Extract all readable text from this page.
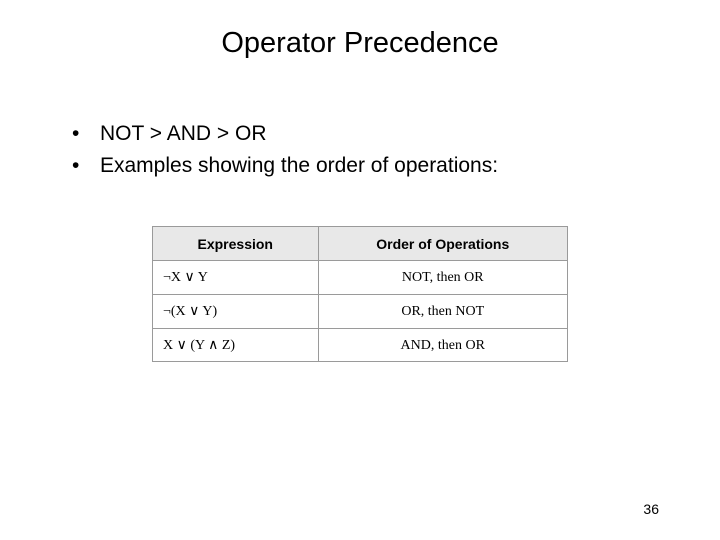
Operator Precedence
• NOT > AND > OR
• Examples showing the order of operations:
Expression	Order of Operations
¬X ∨ Y	NOT, then OR
¬(X ∨ Y)	OR, then NOT
X ∨ (Y ∧ Z)	AND, then OR
36
